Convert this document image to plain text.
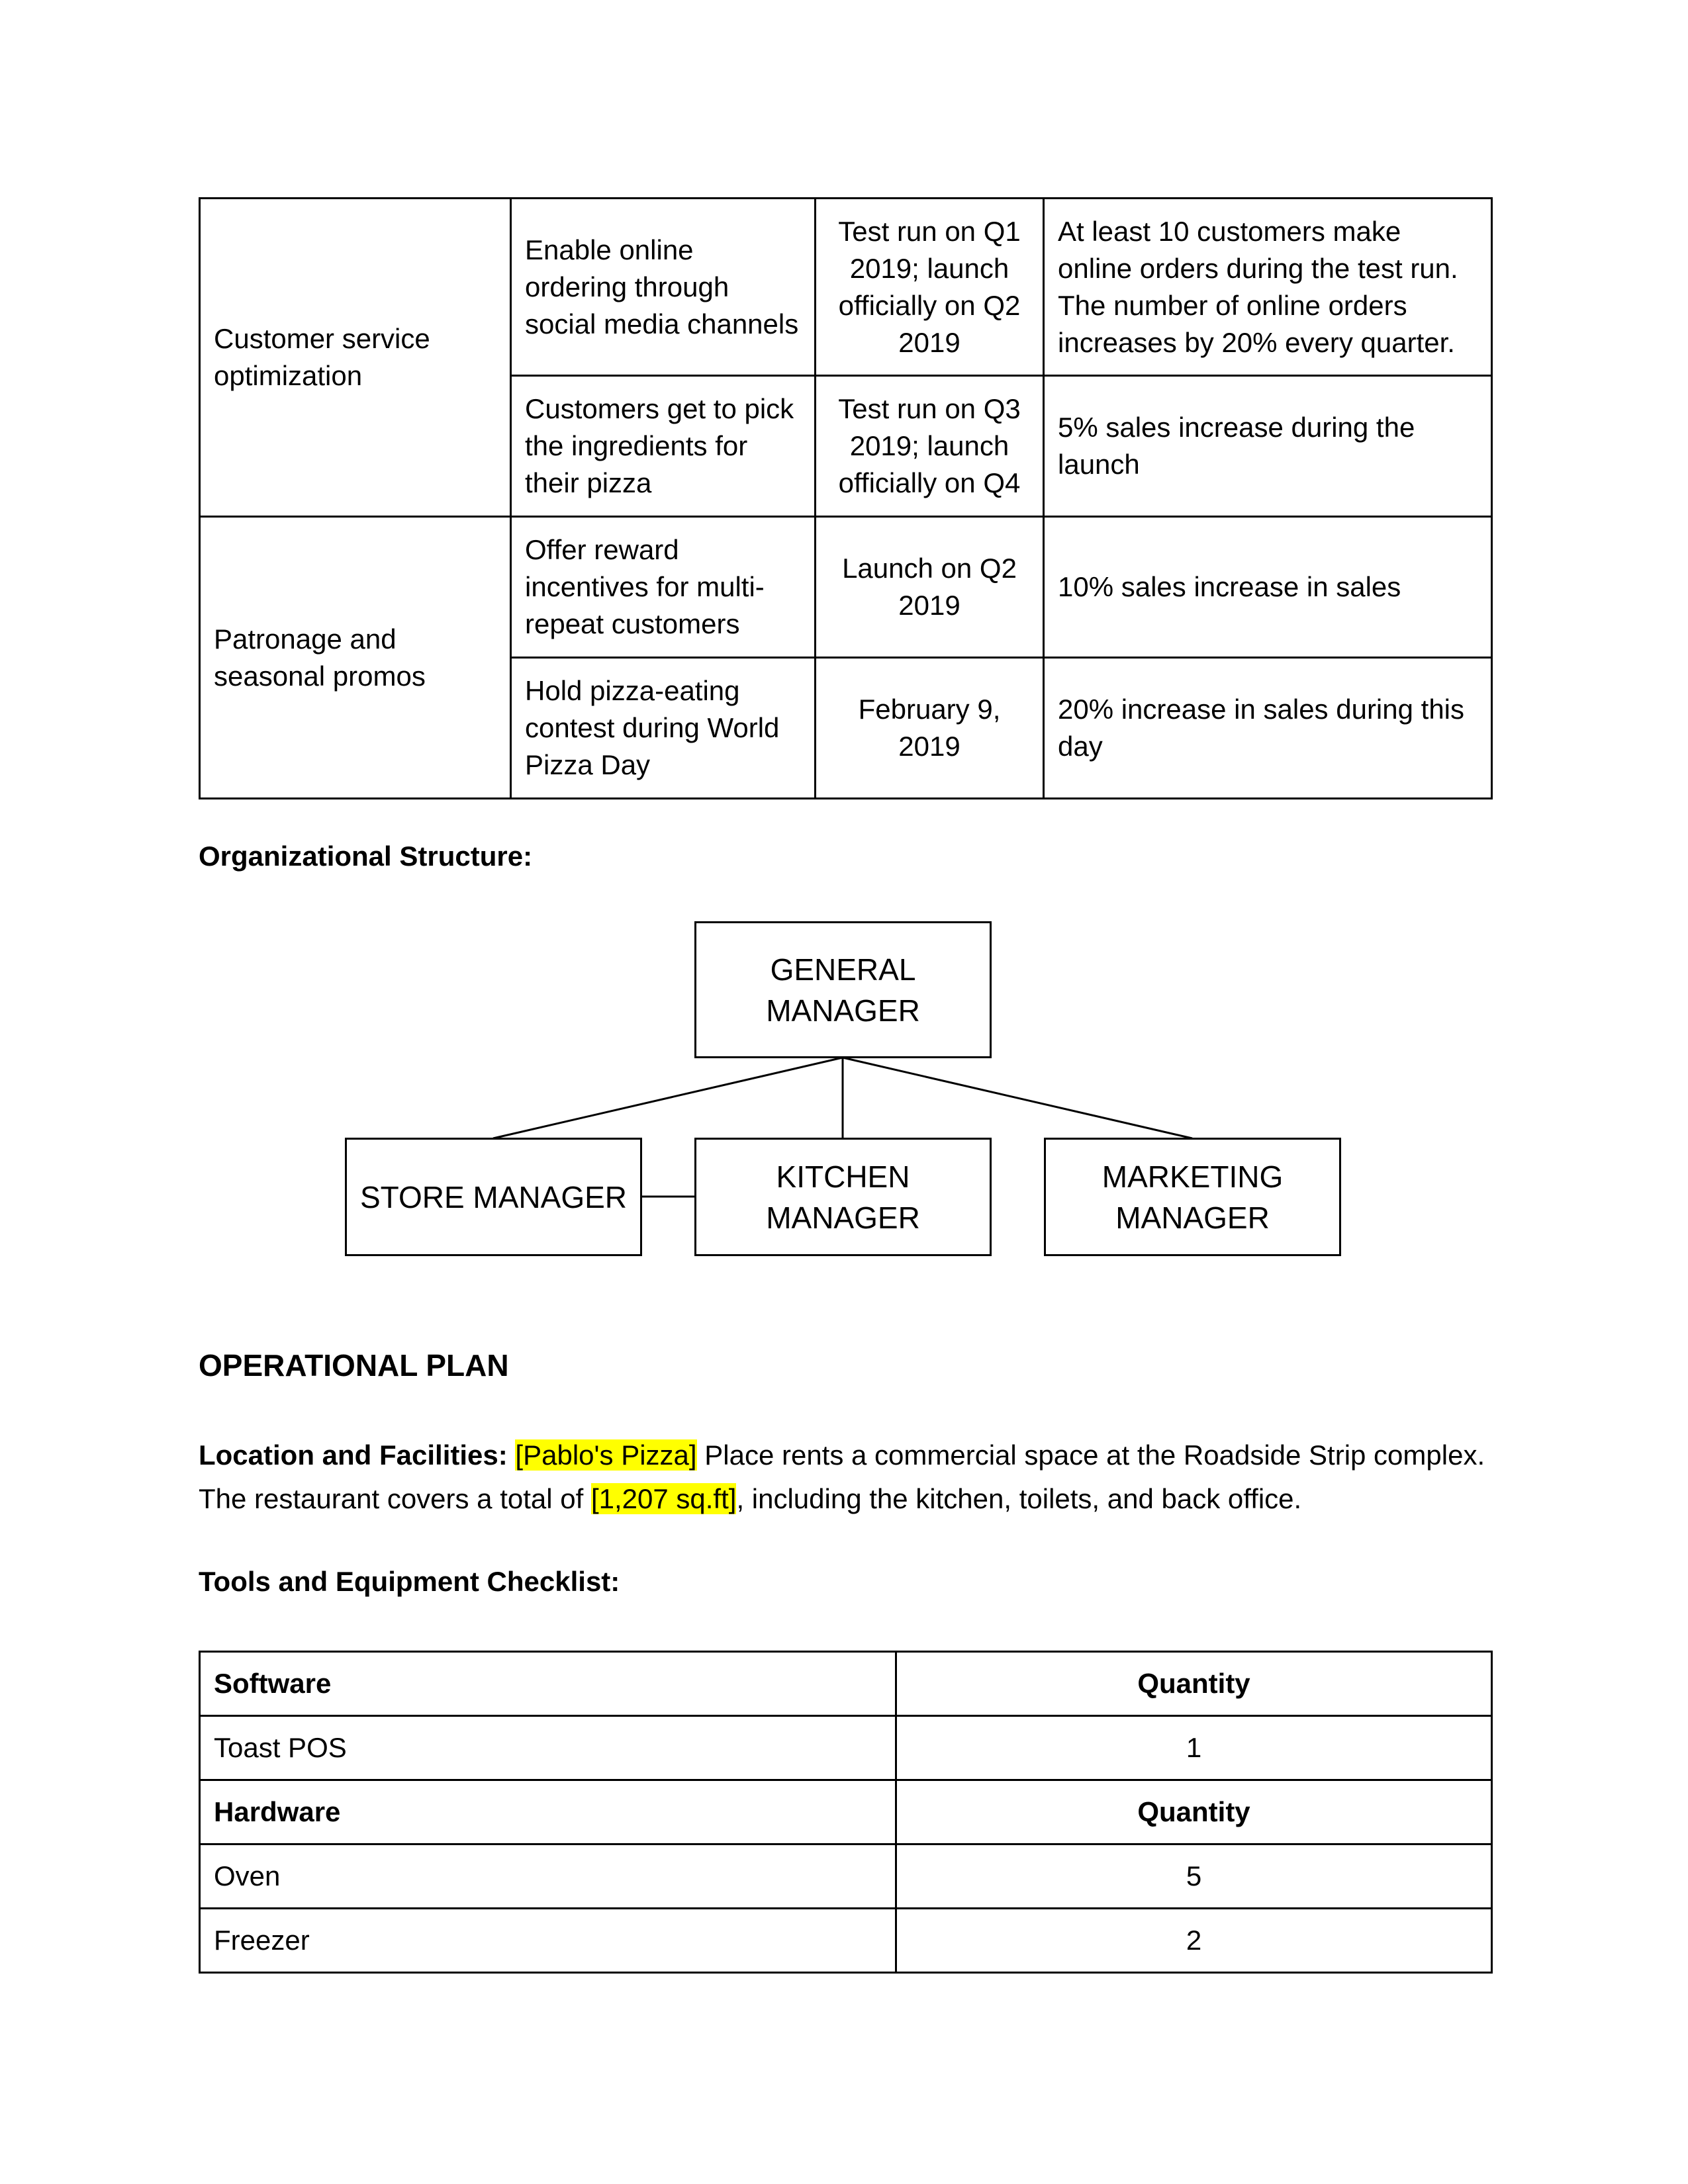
Customer service optimization	Enable online ordering through social media channels	Test run on Q1 2019; launch officially on Q2 2019	At least 10 customers make online orders during the test run. The number of online orders increases by 20% every quarter.
	Customers get to pick the ingredients for their pizza	Test run on Q3 2019; launch officially on Q4	5% sales increase during the launch
Patronage and seasonal promos	Offer reward incentives for multi-repeat customers	Launch on Q2 2019	10% sales increase in sales
	Hold pizza-eating contest during World Pizza Day	February 9, 2019	20% increase in sales during this day
Organizational Structure:
GENERAL MANAGER
STORE MANAGER
KITCHEN MANAGER
MARKETING MANAGER
OPERATIONAL PLAN
Location and Facilities: [Pablo's Pizza] Place rents a commercial space at the Roadside Strip complex. The restaurant covers a total of [1,207 sq.ft], including the kitchen, toilets, and back office.
Tools and Equipment Checklist:
Software	Quantity
Toast POS	1
Hardware	Quantity
Oven	5
Freezer	2
